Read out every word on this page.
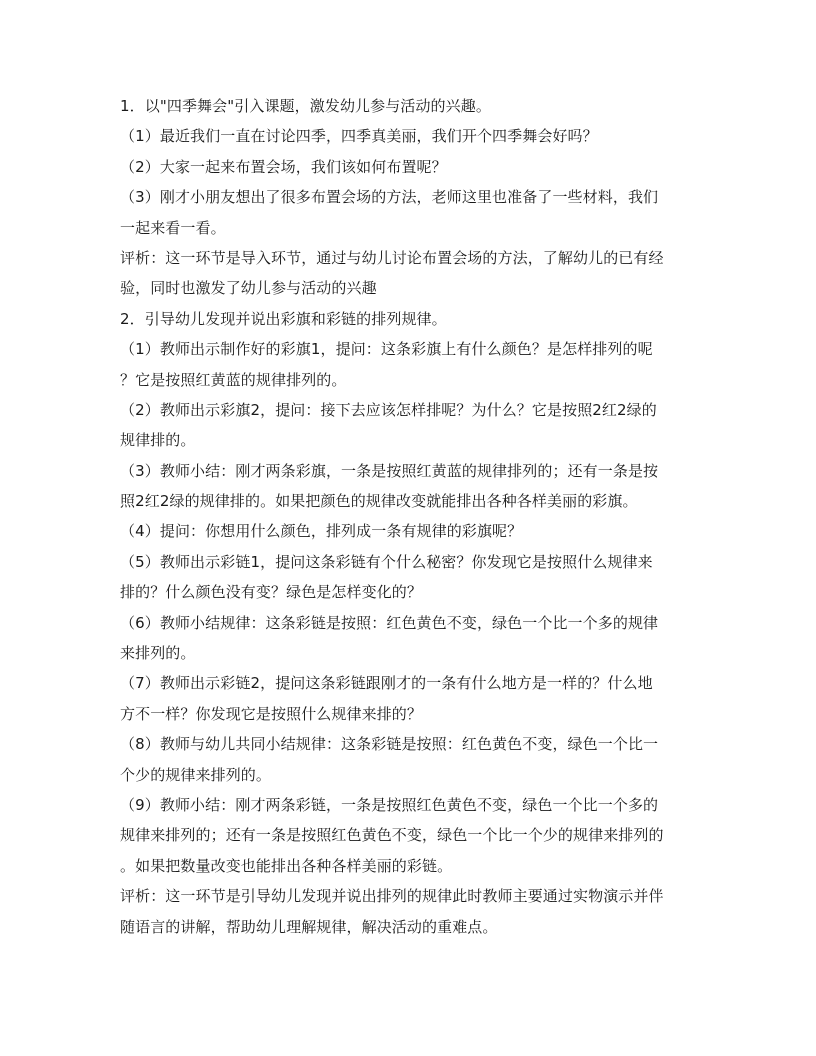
1．以"四季舞会"引入课题，激发幼儿参与活动的兴趣。
（1）最近我们一直在讨论四季，四季真美丽，我们开个四季舞会好吗？
（2）大家一起来布置会场，我们该如何布置呢？
（3）刚才小朋友想出了很多布置会场的方法，老师这里也准备了一些材料，我们
一起来看一看。
评析：这一环节是导入环节，通过与幼儿讨论布置会场的方法，了解幼儿的已有经
验，同时也激发了幼儿参与活动的兴趣
2．引导幼儿发现并说出彩旗和彩链的排列规律。
（1）教师出示制作好的彩旗1，提问：这条彩旗上有什么颜色？是怎样排列的呢
？它是按照红黄蓝的规律排列的。
（2）教师出示彩旗2，提问：接下去应该怎样排呢？为什么？它是按照2红2绿的
规律排的。
（3）教师小结：刚才两条彩旗，一条是按照红黄蓝的规律排列的；还有一条是按
照2红2绿的规律排的。如果把颜色的规律改变就能排出各种各样美丽的彩旗。
（4）提问：你想用什么颜色，排列成一条有规律的彩旗呢？
（5）教师出示彩链1，提问这条彩链有个什么秘密？你发现它是按照什么规律来
排的？什么颜色没有变？绿色是怎样变化的？
（6）教师小结规律：这条彩链是按照：红色黄色不变，绿色一个比一个多的规律
来排列的。
（7）教师出示彩链2，提问这条彩链跟刚才的一条有什么地方是一样的？什么地
方不一样？你发现它是按照什么规律来排的？
（8）教师与幼儿共同小结规律：这条彩链是按照：红色黄色不变，绿色一个比一
个少的规律来排列的。
（9）教师小结：刚才两条彩链，一条是按照红色黄色不变，绿色一个比一个多的
规律来排列的；还有一条是按照红色黄色不变，绿色一个比一个少的规律来排列的
。如果把数量改变也能排出各种各样美丽的彩链。
评析：这一环节是引导幼儿发现并说出排列的规律此时教师主要通过实物演示并伴
随语言的讲解，帮助幼儿理解规律，解决活动的重难点。
